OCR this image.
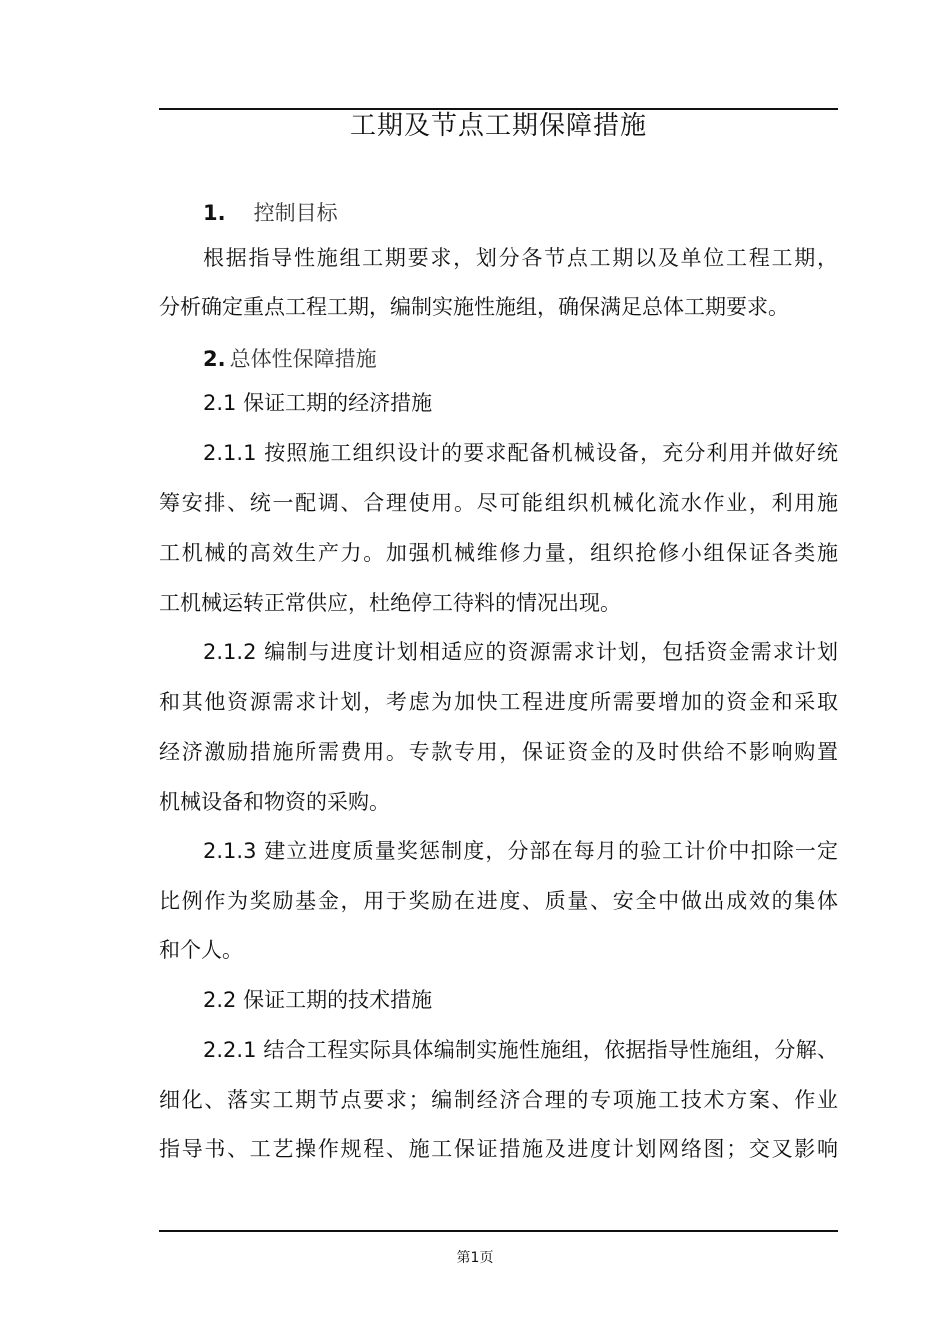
工期及节点工期保障措施
1. 控制目标

根据指导性施组工期要求，划分各节点工期以及单位工程工期，

分析确定重点工程工期，编制实施性施组，确保满足总体工期要求。

2. 总体性保障措施

2.1 保证工期的经济措施

2.1.1 按照施工组织设计的要求配备机械设备，充分利用并做好统

筹安排、统一配调、合理使用。尽可能组织机械化流水作业，利用施

工机械的高效生产力。加强机械维修力量，组织抢修小组保证各类施

工机械运转正常供应，杜绝停工待料的情况出现。

2.1.2 编制与进度计划相适应的资源需求计划，包括资金需求计划

和其他资源需求计划，考虑为加快工程进度所需要增加的资金和采取

经济激励措施所需费用。专款专用，保证资金的及时供给不影响购置

机械设备和物资的采购。

2.1.3 建立进度质量奖惩制度，分部在每月的验工计价中扣除一定

比例作为奖励基金，用于奖励在进度、质量、安全中做出成效的集体

和个人。

2.2 保证工期的技术措施

2.2.1 结合工程实际具体编制实施性施组，依据指导性施组，分解、

细化、落实工期节点要求；编制经济合理的专项施工技术方案、作业

指导书、工艺操作规程、施工保证措施及进度计划网络图；交叉影响

第1页
